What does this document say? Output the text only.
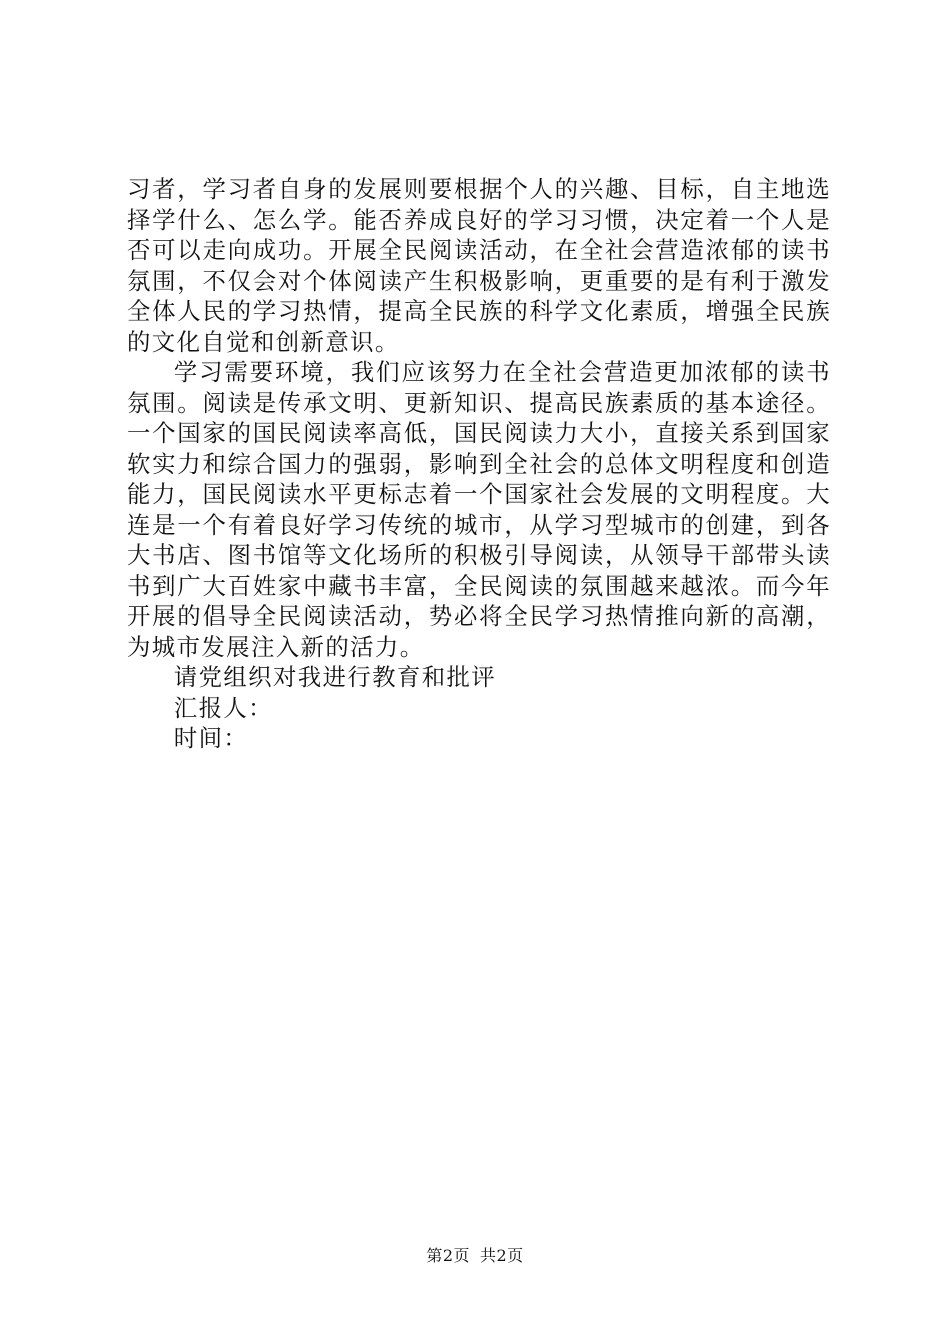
习者，学习者自身的发展则要根据个人的兴趣、目标，自主地选择学什么、怎么学。能否养成良好的学习习惯，决定着一个人是否可以走向成功。开展全民阅读活动，在全社会营造浓郁的读书氛围，不仅会对个体阅读产生积极影响，更重要的是有利于激发全体人民的学习热情，提高全民族的科学文化素质，增强全民族的文化自觉和创新意识。

学习需要环境，我们应该努力在全社会营造更加浓郁的读书氛围。阅读是传承文明、更新知识、提高民族素质的基本途径。一个国家的国民阅读率高低，国民阅读力大小，直接关系到国家软实力和综合国力的强弱，影响到全社会的总体文明程度和创造能力，国民阅读水平更标志着一个国家社会发展的文明程度。大连是一个有着良好学习传统的城市，从学习型城市的创建，到各大书店、图书馆等文化场所的积极引导阅读，从领导干部带头读书到广大百姓家中藏书丰富，全民阅读的氛围越来越浓。而今年开展的倡导全民阅读活动，势必将全民学习热情推向新的高潮，为城市发展注入新的活力。

请党组织对我进行教育和批评

汇报人：

时间：

第2页 共2页
